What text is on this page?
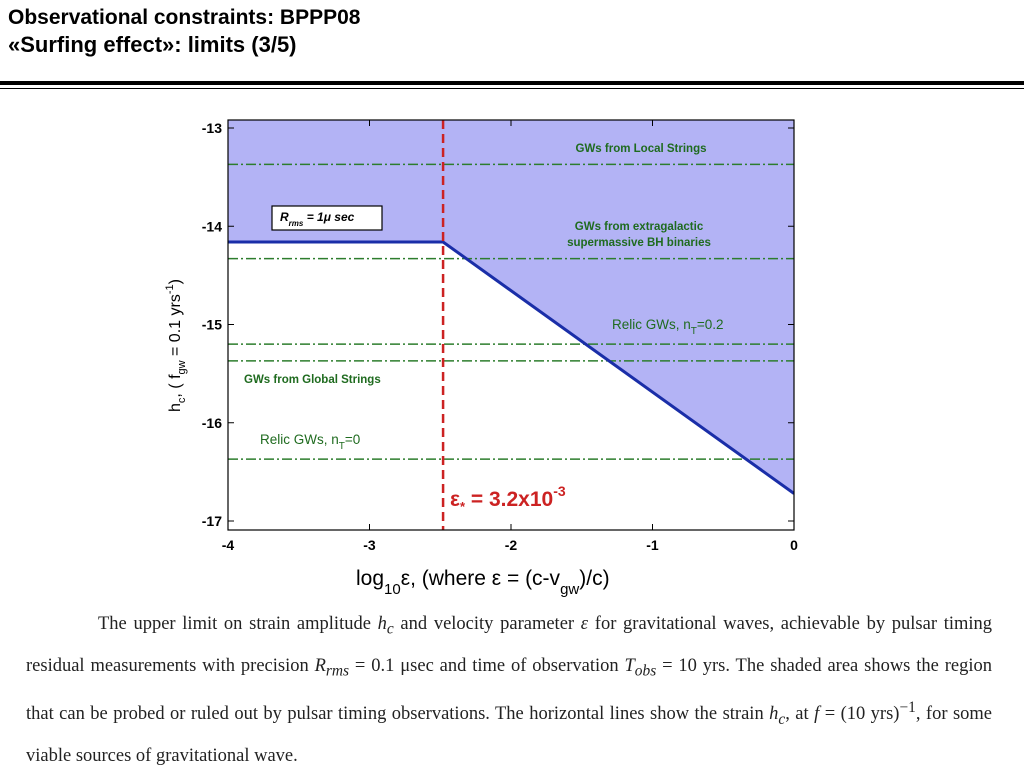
Observational constraints: BPPP08
«Surfing effect»: limits (3/5)
-4	-3	-2	-1	0
-13
-14
-15
-16
-17
GWs from Local Strings
GWs from extragalactic
supermassive BH binaries
Relic GWs, $n_T=0.2$
GWs from Global Strings
Relic GWs, $n_T=0$
$R_{rms} = 1\mu$ sec
$\varepsilon_* = 3.2x10^{-3}$
$\log_{10}\varepsilon$, (where $\varepsilon = (c-v_{gw})/c$)
$h_c$, ( $f_{gw} = 0.1$ yrs$^{-1}$)

The upper limit on strain amplitude $h_c$ and velocity parameter ε for gravitational waves, achievable by pulsar timing residual measurements with precision $R_{rms} = 0.1$ μsec and time of observation $T_{obs} = 10$ yrs. The shaded area shows the region that can be probed or ruled out by pulsar timing observations. The horizontal lines show the strain $h_c$, at f = (10 yrs)$^{-1}$, for some viable sources of gravitational wave.
